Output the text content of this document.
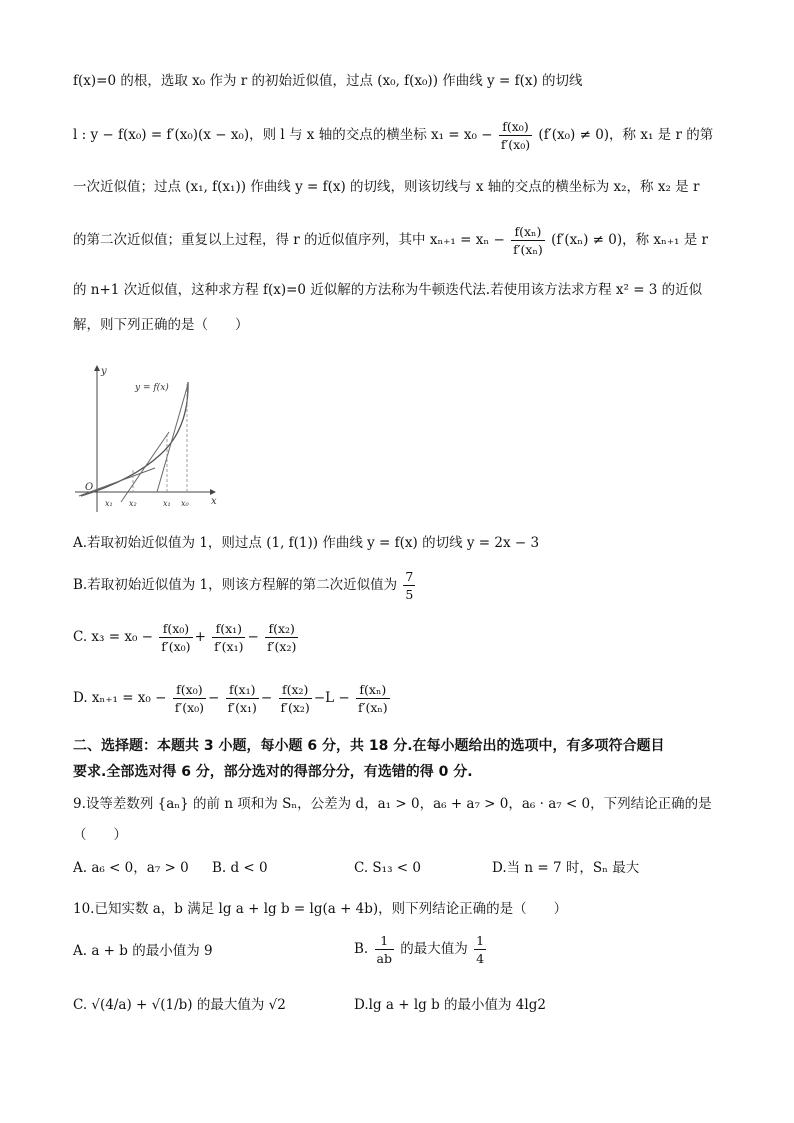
f(x)=0 的根，选取 x₀ 作为 r 的初始近似值，过点 (x₀, f(x₀)) 作曲线 y = f(x) 的切线
l : y − f(x₀) = f′(x₀)(x − x₀)，则 l 与 x 轴的交点的横坐标 $x_1 = x_0 - \frac{\text{f(x₀)}}{\text{f′(x₀)}} (f'(x_0) \ne 0)$，称 x₁ 是 r 的第
一次近似值；过点 (x₁, f(x₁)) 作曲线 y = f(x) 的切线，则该切线与 x 轴的交点的横坐标为 x₂，称 x₂ 是 r
的第二次近似值；重复以上过程，得 r 的近似值序列，其中 $x_{n+1} = x_n - \frac{\text{f(xₙ)}}{\text{f′(xₙ)}} (f'(x_n) \ne 0)$，称 xₙ₊₁ 是 r
的 n+1 次近似值，这种求方程 f(x)=0 近似解的方法称为牛顿迭代法.若使用该方法求方程 x² = 3 的近似
解，则下列正确的是（　　）
y
x
O
y = f(x)
x₁ x₂	x₁ x₀
A.若取初始近似值为 1，则过点 (1, f(1)) 作曲线 y = f(x) 的切线 y = 2x − 3
B.若取初始近似值为 1，则该方程解的第二次近似值为 $\frac{7}{5}$
C. $x_3 = x_0 - \frac{\text{f(x₀)}}{\text{f′(x₀)}} + \frac{\text{f(x₁)}}{\text{f′(x₁)}} - \frac{\text{f(x₂)}}{\text{f′(x₂)}}$
D. $x_{n+1} = x_0 - \frac{\text{f(x₀)}}{\text{f′(x₀)}} - \frac{\text{f(x₁)}}{\text{f′(x₁)}} - \frac{\text{f(x₂)}}{\text{f′(x₂)}} -L - \frac{\text{f(xₙ)}}{\text{f′(xₙ)}}$
二、选择题：本题共 3 小题，每小题 6 分，共 18 分.在每小题给出的选项中，有多项符合题目
要求.全部选对得 6 分，部分选对的得部分分，有选错的得 0 分.
9.设等差数列 {aₙ} 的前 n 项和为 Sₙ，公差为 d，a₁ > 0，a₆ + a₇ > 0，a₆ · a₇ < 0，下列结论正确的是
（　　）
A. a₆ < 0，a₇ > 0 B. d < 0	C. S₁₃ < 0	D.当 n = 7 时，Sₙ 最大
10.已知实数 a，b 满足 lg a + lg b = lg(a + 4b)，则下列结论正确的是（　　）
A. a + b 的最小值为 9	B. $\frac{1}{ab}$ 的最大值为 $\frac{1}{4}$
C. √(4/a) + √(1/b) 的最大值为 √2	D.lg a + lg b 的最小值为 4lg2
